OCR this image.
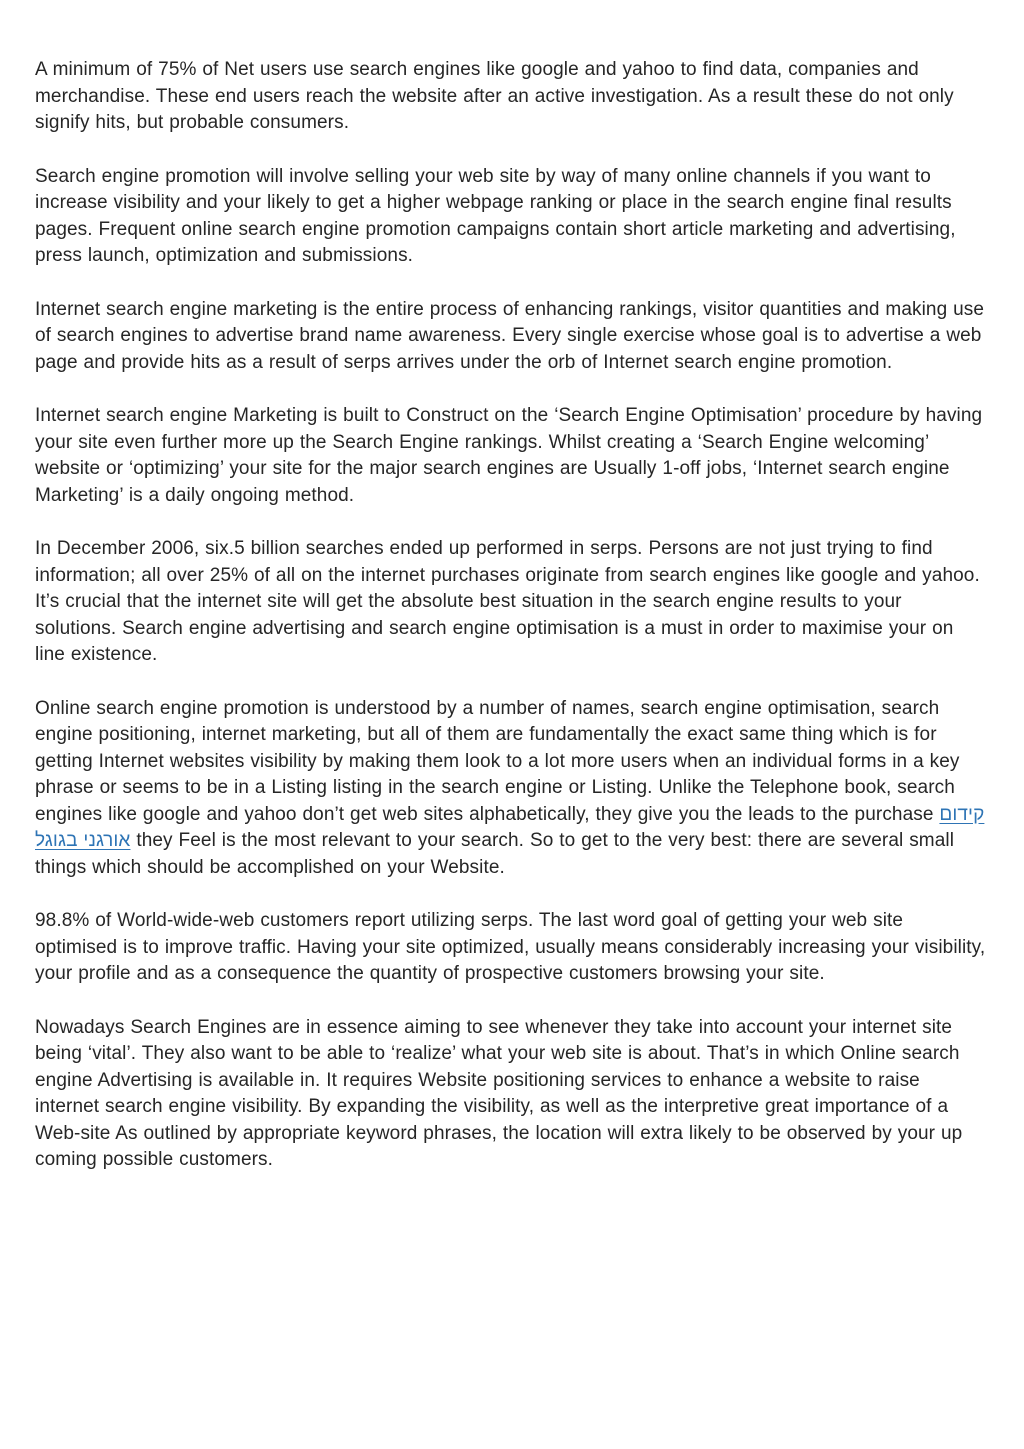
A minimum of 75% of Net users use search engines like google and yahoo to find data, companies and merchandise. These end users reach the website after an active investigation. As a result these do not only signify hits, but probable consumers.

Search engine promotion will involve selling your web site by way of many online channels if you want to increase visibility and your likely to get a higher webpage ranking or place in the search engine final results pages. Frequent online search engine promotion campaigns contain short article marketing and advertising, press launch, optimization and submissions.

Internet search engine marketing is the entire process of enhancing rankings, visitor quantities and making use of search engines to advertise brand name awareness. Every single exercise whose goal is to advertise a web page and provide hits as a result of serps arrives under the orb of Internet search engine promotion.

Internet search engine Marketing is built to Construct on the ‘Search Engine Optimisation’ procedure by having your site even further more up the Search Engine rankings. Whilst creating a ‘Search Engine welcoming’ website or ‘optimizing’ your site for the major search engines are Usually 1-off jobs, ‘Internet search engine Marketing’ is a daily ongoing method.

In December 2006, six.5 billion searches ended up performed in serps. Persons are not just trying to find information; all over 25% of all on the internet purchases originate from search engines like google and yahoo. It’s crucial that the internet site will get the absolute best situation in the search engine results to your solutions. Search engine advertising and search engine optimisation is a must in order to maximise your on line existence.

Online search engine promotion is understood by a number of names, search engine optimisation, search engine positioning, internet marketing, but all of them are fundamentally the exact same thing which is for getting Internet websites visibility by making them look to a lot more users when an individual forms in a key phrase or seems to be in a Listing listing in the search engine or Listing. Unlike the Telephone book, search engines like google and yahoo don’t get web sites alphabetically, they give you the leads to the purchase קידום אורגני בגוגל they Feel is the most relevant to your search. So to get to the very best: there are several small things which should be accomplished on your Website.

98.8% of World-wide-web customers report utilizing serps. The last word goal of getting your web site optimised is to improve traffic. Having your site optimized, usually means considerably increasing your visibility, your profile and as a consequence the quantity of prospective customers browsing your site.

Nowadays Search Engines are in essence aiming to see whenever they take into account your internet site being ‘vital’. They also want to be able to ‘realize’ what your web site is about. That’s in which Online search engine Advertising is available in. It requires Website positioning services to enhance a website to raise internet search engine visibility. By expanding the visibility, as well as the interpretive great importance of a Web-site As outlined by appropriate keyword phrases, the location will extra likely to be observed by your up coming possible customers.
